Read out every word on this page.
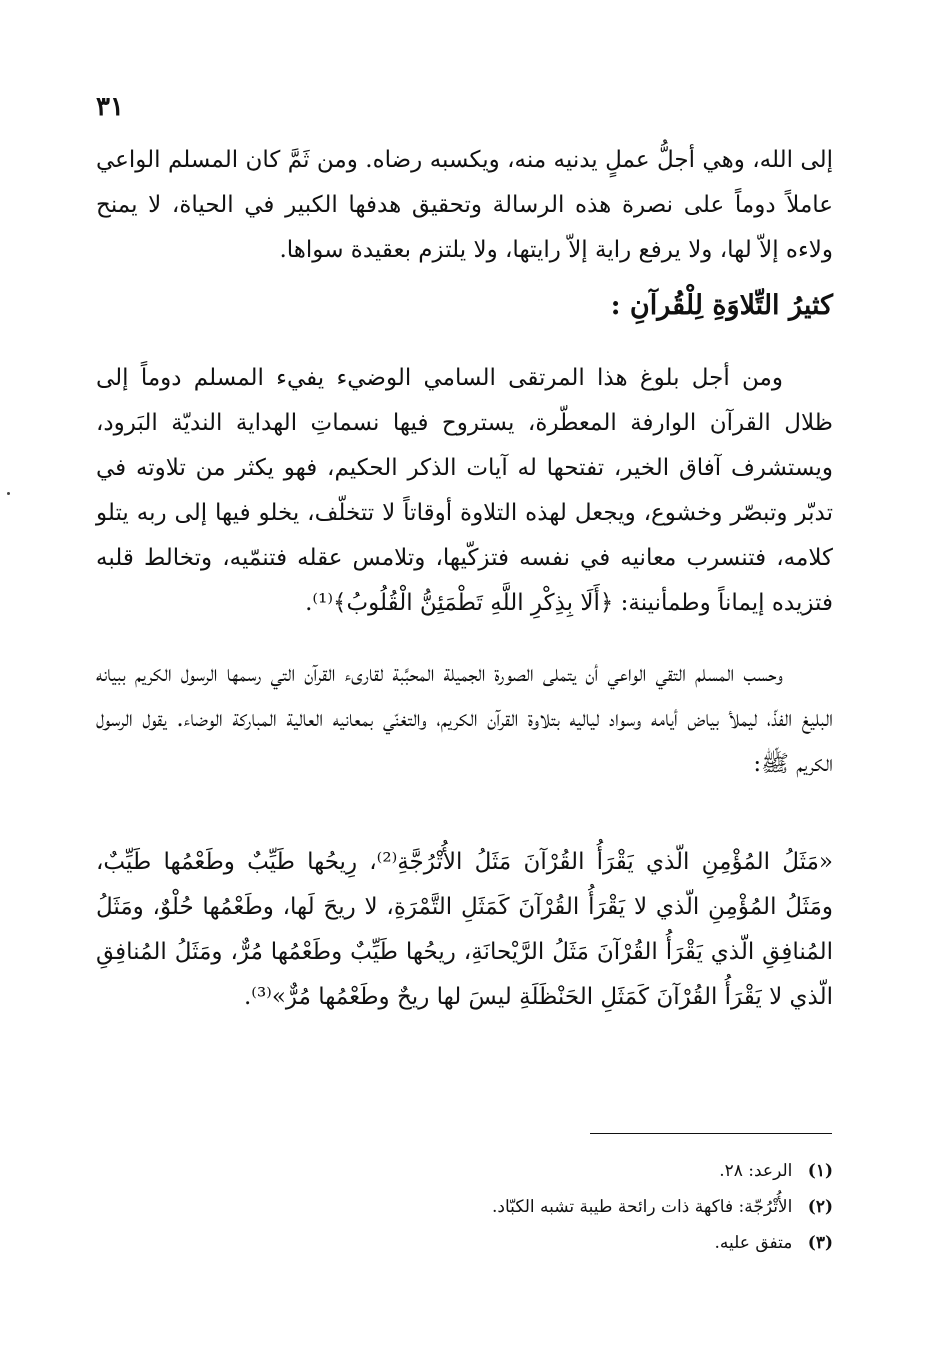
٣١

إلى الله، وهي أجلُّ عملٍ يدنيه منه، ويكسبه رضاه. ومن ثَمَّ كان المسلم الواعي عاملاً دوماً على نصرة هذه الرسالة وتحقيق هدفها الكبير في الحياة، لا يمنح ولاءه إلاّ لها، ولا يرفع راية إلاّ رايتها، ولا يلتزم بعقيدة سواها.

كثيرُ التِّلاوَةِ لِلْقُرآنِ :

ومن أجل بلوغ هذا المرتقى السامي الوضيء يفيء المسلم دوماً إلى ظلال القرآن الوارفة المعطّرة، يستروح فيها نسماتِ الهداية النديّة البَرود، ويستشرف آفاق الخير، تفتحها له آيات الذكر الحكيم، فهو يكثر من تلاوته في تدبّر وتبصّر وخشوع، ويجعل لهذه التلاوة أوقاتاً لا تتخلّف، يخلو فيها إلى ربه يتلو كلامه، فتنسرب معانيه في نفسه فتزكّيها، وتلامس عقله فتنمّيه، وتخالط قلبه فتزيده إيماناً وطمأنينة: ﴿أَلَا بِذِكْرِ اللَّهِ تَطْمَئِنُّ الْقُلُوبُ﴾⁽¹⁾.

وحسب المسلم التقي الواعي أن يتملى الصورة الجميلة المحبَّبة لقارىء القرآن التي رسمها الرسول الكريم ببيانه البليغ الفذّ، ليملأ بياض أيامه وسواد لياليه بتلاوة القرآن الكريم، والتغنّي بمعانيه العالية المباركة الوضاء. يقول الرسول الكريم ﷺ:

«مَثَلُ المُؤْمِنِ الّذي يَقْرَأُ القُرْآنَ مَثَلُ الأُتْرُجَّةِ⁽²⁾، رِيحُها طَيِّبٌ وطَعْمُها طَيِّبٌ، ومَثَلُ المُؤْمِنِ الّذي لا يَقْرَأُ القُرْآنَ كَمَثَلِ التَّمْرَةِ، لا ريحَ لَها، وطَعْمُها حُلْوٌ، ومَثَلُ المُنافِقِ الّذي يَقْرَأُ القُرْآنَ مَثَلُ الرَّيْحانَةِ، ريحُها طَيِّبٌ وطَعْمُها مُرٌّ، ومَثَلُ المُنافِقِ الّذي لا يَقْرَأُ القُرْآنَ كَمَثَلِ الحَنْظَلَةِ ليسَ لها ريحٌ وطَعْمُها مُرٌّ»⁽³⁾.

(١) الرعد: ٢٨.
(٢) الأُتْرُجّة: فاكهة ذات رائحة طيبة تشبه الكبّاد.
(٣) متفق عليه.
